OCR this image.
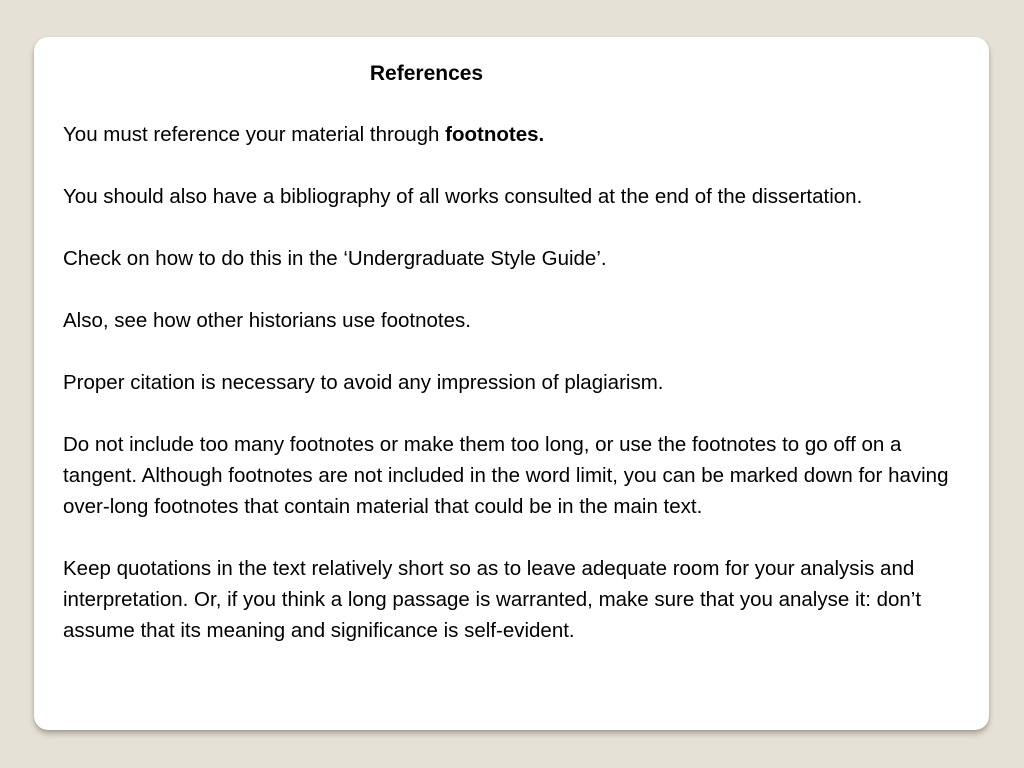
References

You must reference your material through footnotes.

You should also have a bibliography of all works consulted at the end of the dissertation.

Check on how to do this in the ‘Undergraduate Style Guide’.

Also, see how other historians use footnotes.

Proper citation is necessary to avoid any impression of plagiarism.

Do not include too many footnotes or make them too long, or use the footnotes to go off on a tangent. Although footnotes are not included in the word limit, you can be marked down for having over-long footnotes that contain material that could be in the main text.

Keep quotations in the text relatively short so as to leave adequate room for your analysis and interpretation. Or, if you think a long passage is warranted, make sure that you analyse it: don’t assume that its meaning and significance is self-evident.
